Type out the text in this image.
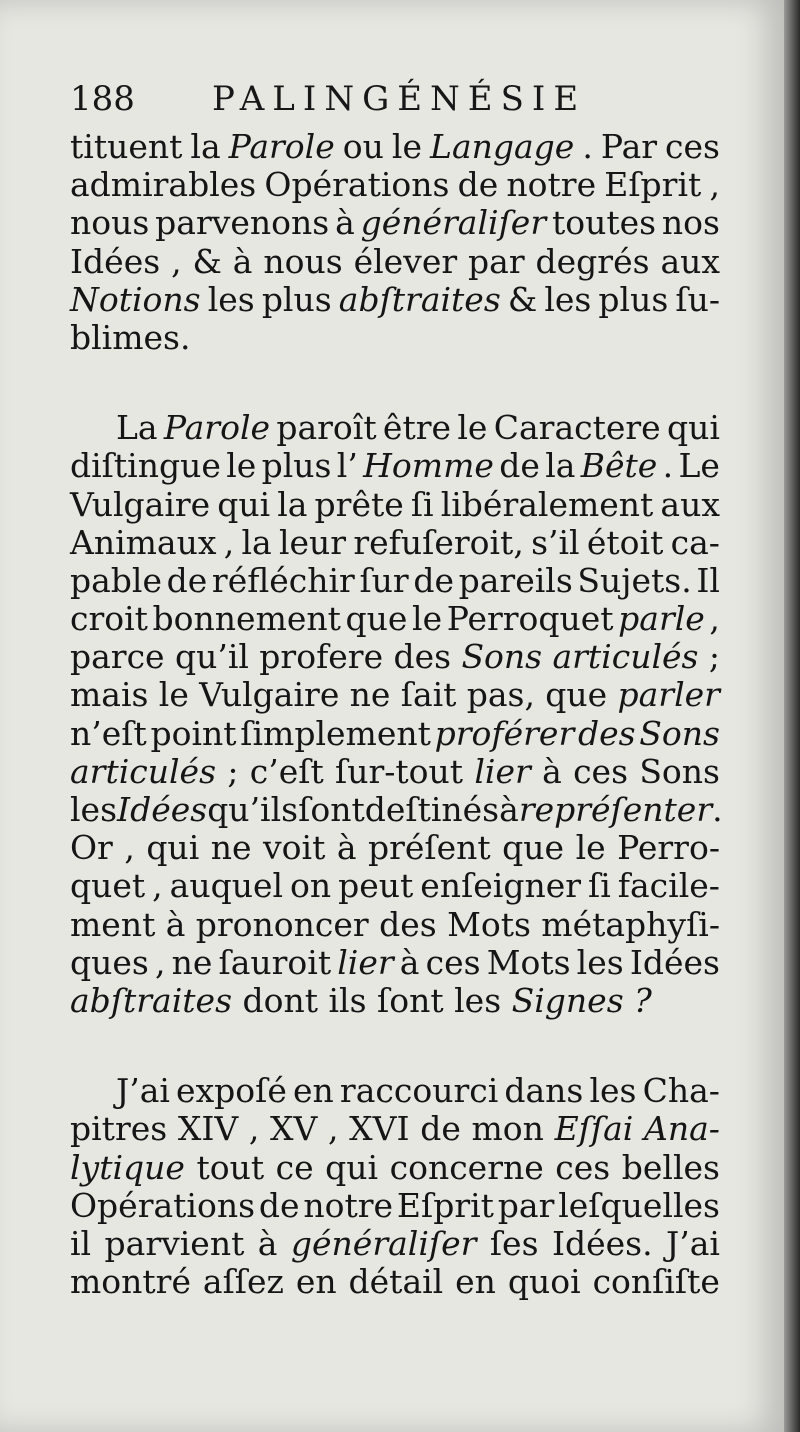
188 PALINGÉNÉSIE
tituent la Parole ou le Langage . Par ces
admirables Opérations de notre Eſprit ,
nous parvenons à généraliſer toutes nos
Idées , & à nous élever par degrés aux
Notions les plus abſtraites & les plus ſu-
blimes.
La Parole paroît être le Caractere qui
diſtingue le plus l’ Homme de la Bête . Le
Vulgaire qui la prête ſi libéralement aux
Animaux , la leur refuſeroit, s’il étoit ca-
pable de réfléchir ſur de pareils Sujets. Il
croit bonnement que le Perroquet parle ,
parce qu’il profere des Sons articulés ;
mais le Vulgaire ne ſait pas, que parler
n’eſt point ſimplement proférer des Sons
articulés ; c’eſt ſur-tout lier à ces Sons
les Idées qu’ils ſont deſtinés à repréſenter .
Or , qui ne voit à préſent que le Perro-
quet , auquel on peut enſeigner ſi facile-
ment à prononcer des Mots métaphyſi-
ques , ne ſauroit lier à ces Mots les Idées
abſtraites dont ils ſont les Signes ?
J’ai expoſé en raccourci dans les Cha-
pitres XIV , XV , XVI de mon Eſſai Ana-
lytique tout ce qui concerne ces belles
Opérations de notre Eſprit par leſquelles
il parvient à généraliſer ſes Idées. J’ai
montré aſſez en détail en quoi conſiſte
